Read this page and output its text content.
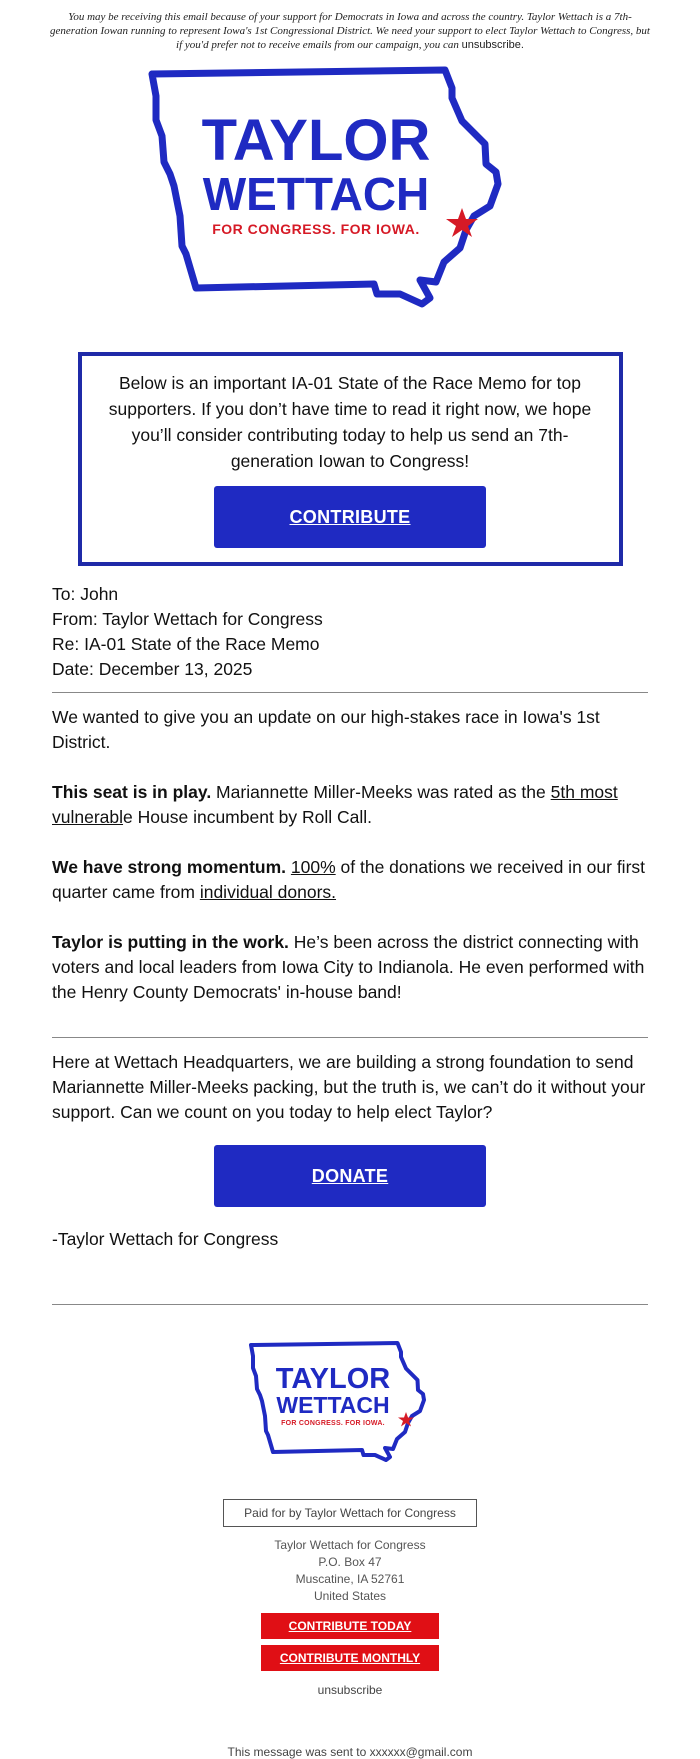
You may be receiving this email because of your support for Democrats in Iowa and across the country. Taylor Wettach is a 7th-generation Iowan running to represent Iowa's 1st Congressional District. We need your support to elect Taylor Wettach to Congress, but if you'd prefer not to receive emails from our campaign, you can unsubscribe.
TAYLOR
WETTACH
FOR CONGRESS. FOR IOWA.

Below is an important IA-01 State of the Race Memo for top supporters. If you don’t have time to read it right now, we hope you’ll consider contributing today to help us send an 7th-generation Iowan to Congress!

CONTRIBUTE
To: John
From: Taylor Wettach for Congress
Re: IA-01 State of the Race Memo
Date: December 13, 2025

We wanted to give you an update on our high-stakes race in Iowa's 1st District.

This seat is in play. Mariannette Miller-Meeks was rated as the 5th most vulnerable House incumbent by Roll Call.

We have strong momentum. 100% of the donations we received in our first quarter came from individual donors.

Taylor is putting in the work. He’s been across the district connecting with voters and local leaders from Iowa City to Indianola. He even performed with the Henry County Democrats' in-house band!

Here at Wettach Headquarters, we are building a strong foundation to send Mariannette Miller-Meeks packing, but the truth is, we can’t do it without your support. Can we count on you today to help elect Taylor?

DONATE

-Taylor Wettach for Congress

TAYLOR
WETTACH
FOR CONGRESS. FOR IOWA.
Paid for by Taylor Wettach for Congress
Taylor Wettach for Congress
P.O. Box 47
Muscatine, IA 52761
United States
CONTRIBUTE TODAY
CONTRIBUTE MONTHLY
unsubscribe
This message was sent to xxxxxx@gmail.com
